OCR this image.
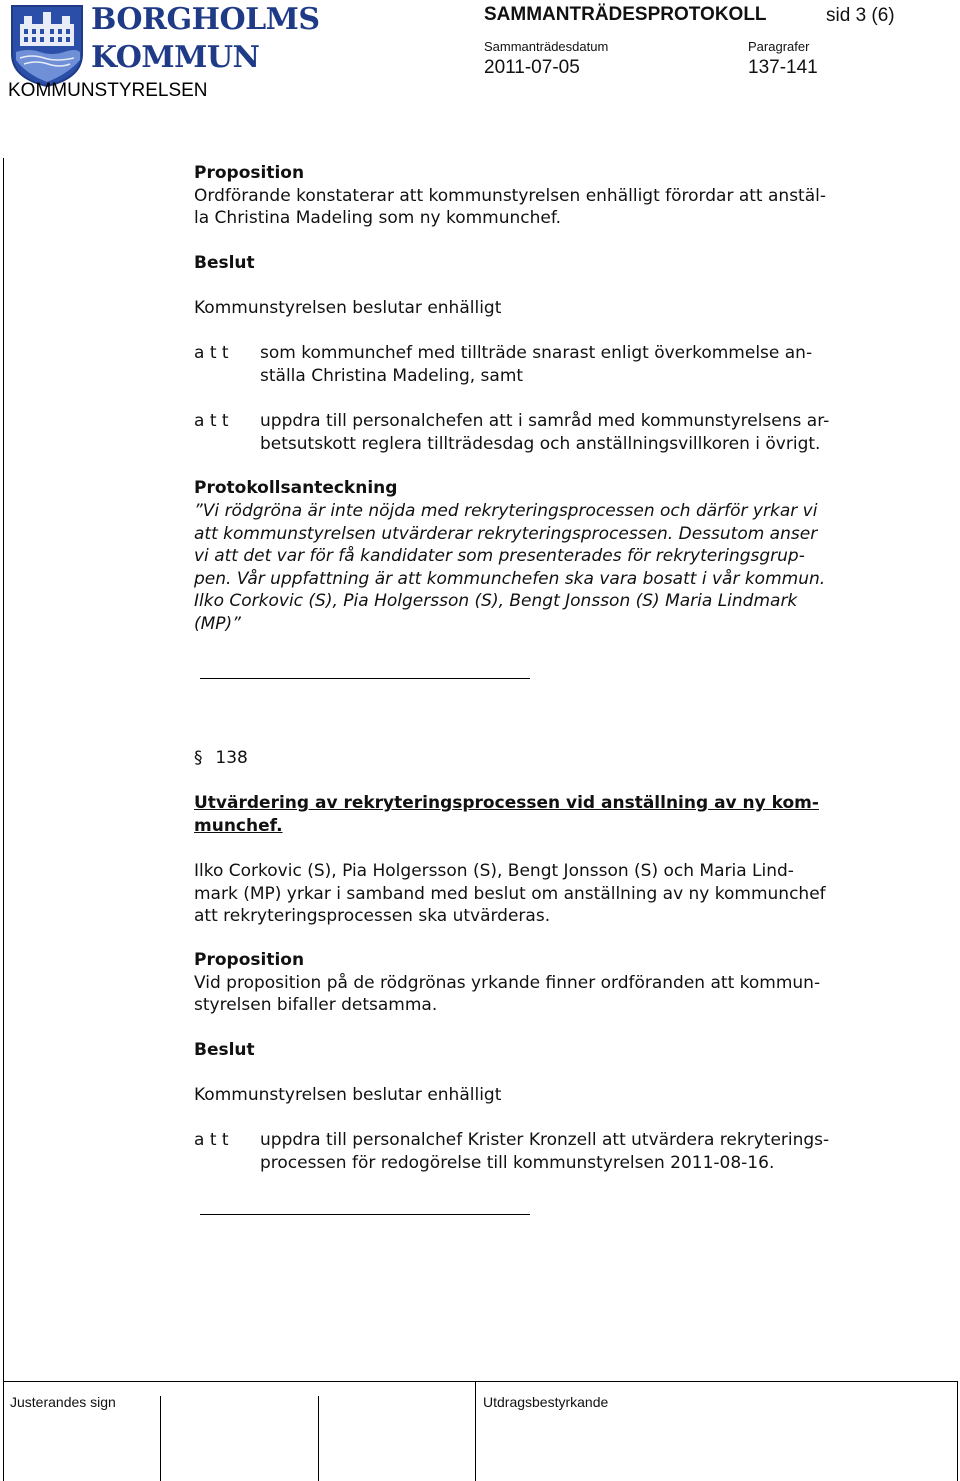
BORGHOLMS
KOMMUN
KOMMUNSTYRELSEN
SAMMANTRÄDESPROTOKOLL	sid 3 (6)
Sammanträdesdatum	Paragrafer
2011-07-05	137-141
Proposition
Ordförande konstaterar att kommunstyrelsen enhälligt förordar att anstäl-
la Christina Madeling som ny kommunchef.
Beslut
Kommunstyrelsen beslutar enhälligt
a t t som kommunchef med tillträde snarast enligt överkommelse an-
ställa Christina Madeling, samt
a t t uppdra till personalchefen att i samråd med kommunstyrelsens ar-
betsutskott reglera tillträdesdag och anställningsvillkoren i övrigt.
Protokollsanteckning
”Vi rödgröna är inte nöjda med rekryteringsprocessen och därför yrkar vi
att kommunstyrelsen utvärderar rekryteringsprocessen. Dessutom anser
vi att det var för få kandidater som presenterades för rekryteringsgrup-
pen. Vår uppfattning är att kommunchefen ska vara bosatt i vår kommun.
Ilko Corkovic (S), Pia Holgersson (S), Bengt Jonsson (S) Maria Lindmark
(MP)”
§ 138
Utvärdering av rekryteringsprocessen vid anställning av ny kom-
munchef.
Ilko Corkovic (S), Pia Holgersson (S), Bengt Jonsson (S) och Maria Lind-
mark (MP) yrkar i samband med beslut om anställning av ny kommunchef
att rekryteringsprocessen ska utvärderas.
Proposition
Vid proposition på de rödgrönas yrkande finner ordföranden att kommun-
styrelsen bifaller detsamma.
Beslut
Kommunstyrelsen beslutar enhälligt
a t t uppdra till personalchef Krister Kronzell att utvärdera rekryterings-
processen för redogörelse till kommunstyrelsen 2011-08-16.
Justerandes sign	Utdragsbestyrkande
